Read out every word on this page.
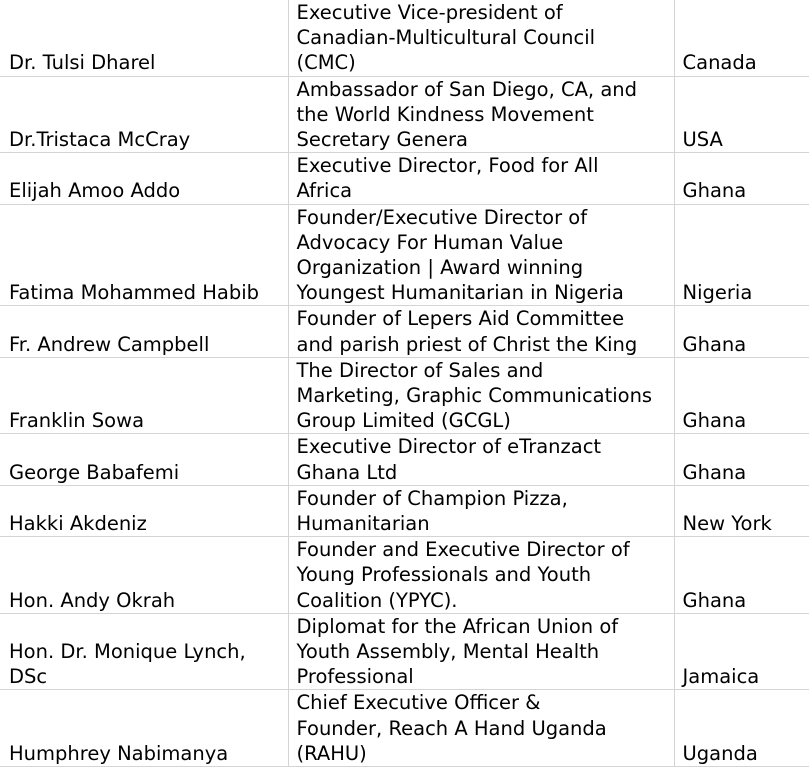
Dr. Tulsi Dharel	Executive Vice-president of
Canadian-Multicultural Council
(CMC)	Canada

Dr.Tristaca McCray	Ambassador of San Diego, CA, and
the World Kindness Movement
Secretary Genera	USA

Elijah Amoo Addo	Executive Director, Food for All
Africa	Ghana

Fatima Mohammed Habib	Founder/Executive Director of
Advocacy For Human Value
Organization | Award winning
Youngest Humanitarian in Nigeria	Nigeria

Fr. Andrew Campbell	Founder of Lepers Aid Committee
and parish priest of Christ the King	Ghana

Franklin Sowa	The Director of Sales and
Marketing, Graphic Communications
Group Limited (GCGL)	Ghana

George Babafemi	Executive Director of eTranzact
Ghana Ltd	Ghana

Hakki Akdeniz	Founder of Champion Pizza,
Humanitarian	New York

Hon. Andy Okrah	Founder and Executive Director of
Young Professionals and Youth
Coalition (YPYC).	Ghana

Hon. Dr. Monique Lynch,
DSc	Diplomat for the African Union of
Youth Assembly, Mental Health
Professional	Jamaica

Humphrey Nabimanya	Chief Executive Officer &
Founder, Reach A Hand Uganda
(RAHU)	Uganda
